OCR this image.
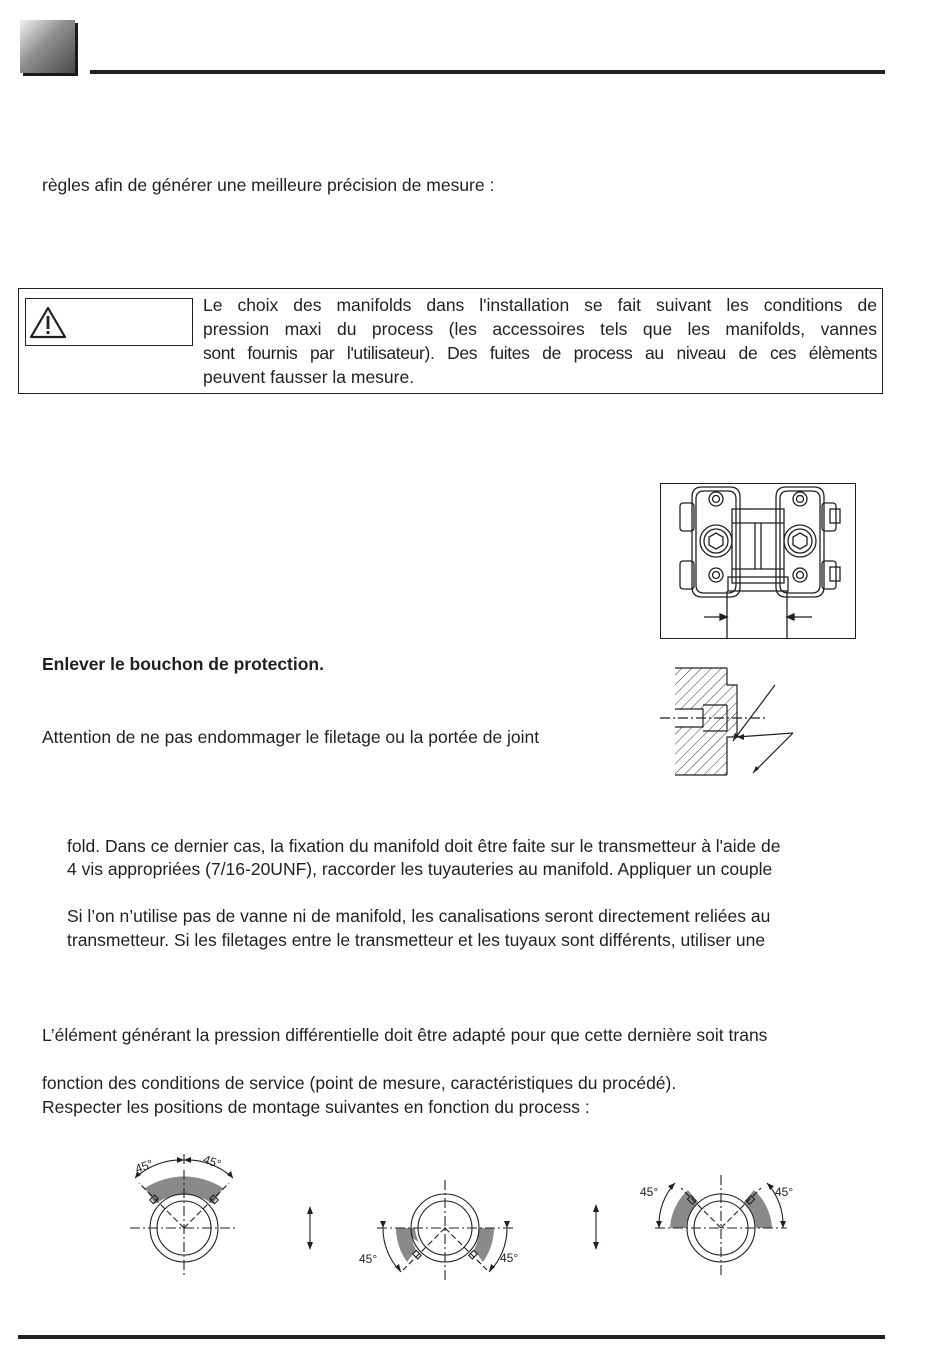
règles afin de générer une meilleure précision de mesure :
Le choix des manifolds dans l'installation se fait suivant les conditions de
pression maxi du process (les accessoires tels que les manifolds, vannes
sont fournis par l'utilisateur). Des fuites de process au niveau de ces élèments
peuvent fausser la mesure.
Enlever le bouchon de protection.
Attention de ne pas endommager le filetage ou la portée de joint
fold. Dans ce dernier cas, la fixation du manifold doit être faite sur le transmetteur à l'aide de
4 vis appropriées (7/16-20UNF), raccorder les tuyauteries au manifold. Appliquer un couple
Si l’on n’utilise pas de vanne ni de manifold, les canalisations seront directement reliées au
transmetteur. Si les filetages entre le transmetteur et les tuyaux sont différents, utiliser une
L’élément générant la pression différentielle doit être adapté pour que cette dernière soit trans
fonction des conditions de service (point de mesure, caractéristiques du procédé).
Respecter les positions de montage suivantes en fonction du process :
45°	45°
45°	45°
45°	45°
